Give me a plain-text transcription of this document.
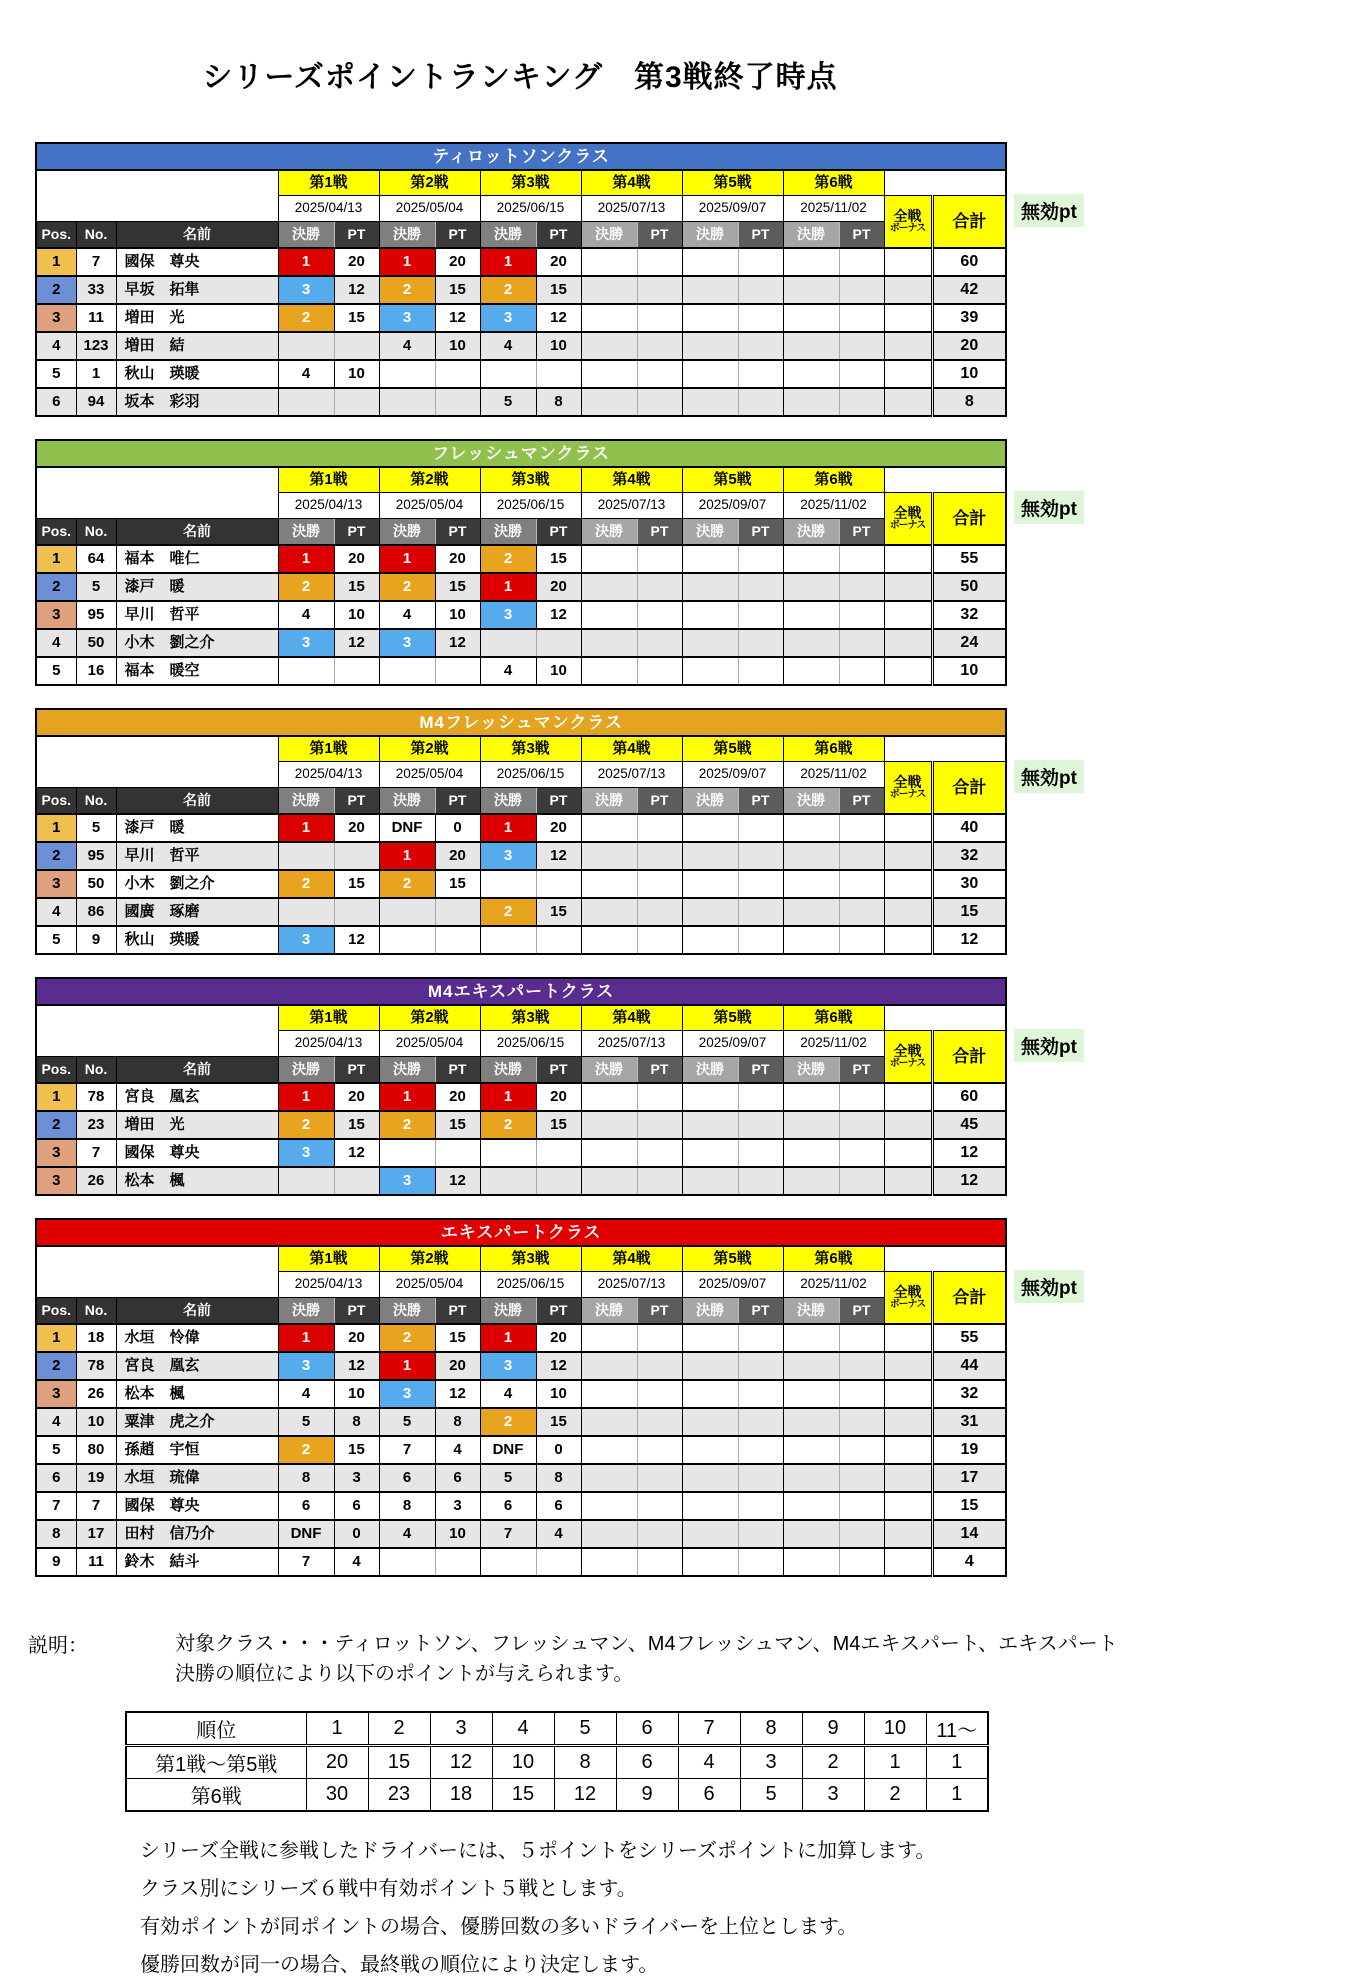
シリーズポイントランキング　第3戦終了時点
ティロットソンクラス																
			第1戦		第2戦		第3戦		第4戦		第5戦		第6戦			
			2025/04/13		2025/05/04		2025/06/15		2025/07/13		2025/09/07		2025/11/02		全戦
ボーナス	合計
Pos.	No.	名前	決勝	PT	決勝	PT	決勝	PT	決勝	PT	決勝	PT	決勝	PT		
1	7	國保　尊央	1	20	1	20	1	20								60
2	33	早坂　拓隼	3	12	2	15	2	15								42
3	11	増田　光	2	15	3	12	3	12								39
4	123	増田　結			4	10	4	10								20
5	1	秋山　瑛暖	4	10												10
6	94	坂本　彩羽					5	8								8
無効pt
フレッシュマンクラス																
			第1戦		第2戦		第3戦		第4戦		第5戦		第6戦			
			2025/04/13		2025/05/04		2025/06/15		2025/07/13		2025/09/07		2025/11/02		全戦
ボーナス	合計
Pos.	No.	名前	決勝	PT	決勝	PT	決勝	PT	決勝	PT	決勝	PT	決勝	PT		
1	64	福本　唯仁	1	20	1	20	2	15								55
2	5	漆戸　暖	2	15	2	15	1	20								50
3	95	早川　哲平	4	10	4	10	3	12								32
4	50	小木　劉之介	3	12	3	12										24
5	16	福本　暖空					4	10								10
無効pt
M4フレッシュマンクラス																
			第1戦		第2戦		第3戦		第4戦		第5戦		第6戦			
			2025/04/13		2025/05/04		2025/06/15		2025/07/13		2025/09/07		2025/11/02		全戦
ボーナス	合計
Pos.	No.	名前	決勝	PT	決勝	PT	決勝	PT	決勝	PT	決勝	PT	決勝	PT		
1	5	漆戸　暖	1	20	DNF	0	1	20								40
2	95	早川　哲平			1	20	3	12								32
3	50	小木　劉之介	2	15	2	15										30
4	86	國廣　琢磨					2	15								15
5	9	秋山　瑛暖	3	12												12
無効pt
M4エキスパートクラス																
			第1戦		第2戦		第3戦		第4戦		第5戦		第6戦			
			2025/04/13		2025/05/04		2025/06/15		2025/07/13		2025/09/07		2025/11/02		全戦
ボーナス	合計
Pos.	No.	名前	決勝	PT	決勝	PT	決勝	PT	決勝	PT	決勝	PT	決勝	PT		
1	78	宮良　凰玄	1	20	1	20	1	20								60
2	23	増田　光	2	15	2	15	2	15								45
3	7	國保　尊央	3	12												12
3	26	松本　楓			3	12										12
無効pt
エキスパートクラス																
			第1戦		第2戦		第3戦		第4戦		第5戦		第6戦			
			2025/04/13		2025/05/04		2025/06/15		2025/07/13		2025/09/07		2025/11/02		全戦
ボーナス	合計
Pos.	No.	名前	決勝	PT	決勝	PT	決勝	PT	決勝	PT	決勝	PT	決勝	PT		
1	18	水垣　怜偉	1	20	2	15	1	20								55
2	78	宮良　凰玄	3	12	1	20	3	12								44
3	26	松本　楓	4	10	3	12	4	10								32
4	10	粟津　虎之介	5	8	5	8	2	15								31
5	80	孫趙　宇恒	2	15	7	4	DNF	0								19
6	19	水垣　琉偉	8	3	6	6	5	8								17
7	7	國保　尊央	6	6	8	3	6	6								15
8	17	田村　信乃介	DNF	0	4	10	7	4								14
9	11	鈴木　結斗	7	4												4
無効pt
説明：	対象クラス・・・ティロットソン、フレッシュマン、M4フレッシュマン、M4エキスパート、エキスパート
決勝の順位により以下のポイントが与えられます。
順位	1	2	3	4	5	6	7	8	9	10	11～
第1戦～第5戦	20	15	12	10	8	6	4	3	2	1	1
第6戦	30	23	18	15	12	9	6	5	3	2	1
シリーズ全戦に参戦したドライバーには、５ポイントをシリーズポイントに加算します。
クラス別にシリーズ６戦中有効ポイント５戦とします。
有効ポイントが同ポイントの場合、優勝回数の多いドライバーを上位とします。
優勝回数が同一の場合、最終戦の順位により決定します。
